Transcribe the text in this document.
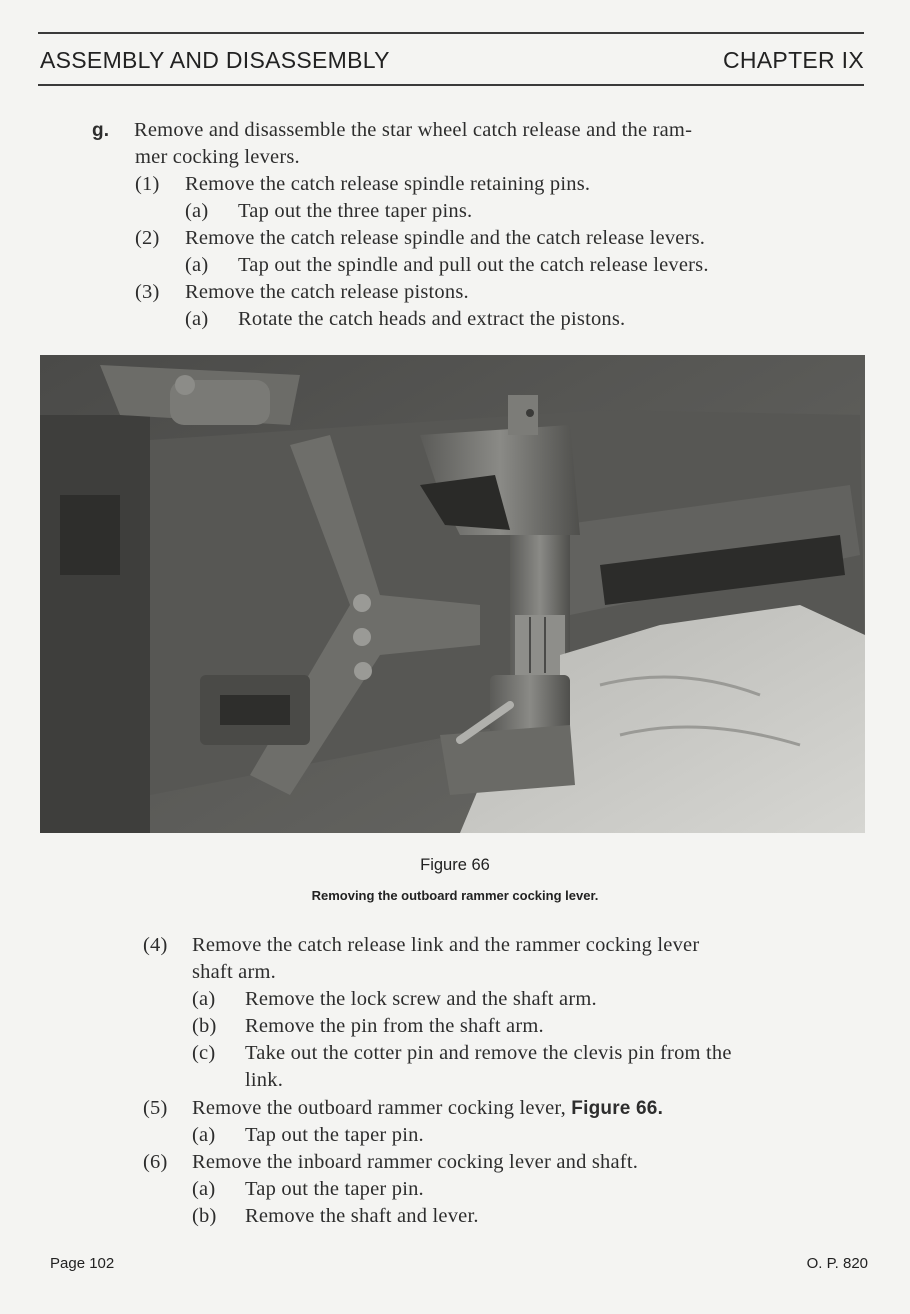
ASSEMBLY AND DISASSEMBLY	CHAPTER IX
g. Remove and disassemble the star wheel catch release and the ram-
mer cocking levers.
(1) Remove the catch release spindle retaining pins.
(a) Tap out the three taper pins.
(2) Remove the catch release spindle and the catch release levers.
(a) Tap out the spindle and pull out the catch release levers.
(3) Remove the catch release pistons.
(a) Rotate the catch heads and extract the pistons.
Figure 66
Removing the outboard rammer cocking lever.
(4) Remove the catch release link and the rammer cocking lever
shaft arm.
(a) Remove the lock screw and the shaft arm.
(b) Remove the pin from the shaft arm.
(c) Take out the cotter pin and remove the clevis pin from the
link.
(5) Remove the outboard rammer cocking lever, Figure 66.
(a) Tap out the taper pin.
(6) Remove the inboard rammer cocking lever and shaft.
(a) Tap out the taper pin.
(b) Remove the shaft and lever.
Page 102	O. P. 820
